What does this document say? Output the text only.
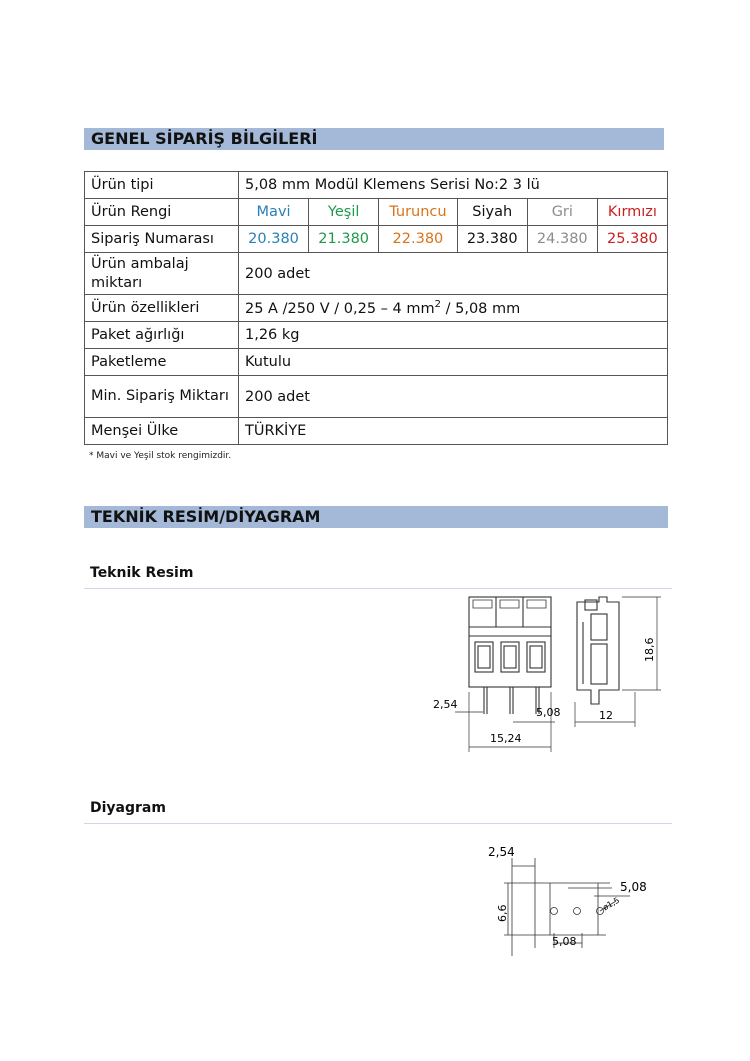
GENEL SİPARİŞ BİLGİLERİ
Ürün tipi	5,08 mm Modül Klemens Serisi No:2 3 lü					
Ürün Rengi	Mavi	Yeşil	Turuncu	Siyah	Gri	Kırmızı
Sipariş Numarası	20.380	21.380	22.380	23.380	24.380	25.380
Ürün ambalaj miktarı	200 adet					
Ürün özellikleri	25 A /250 V / 0,25 – 4 $mm^2 / 5,08$ mm					
Paket ağırlığı	1,26 kg					
Paketleme	Kutulu					
Min. Sipariş Miktarı	200 adet					
Menşei Ülke	TÜRKİYE					
* Mavi ve Yeşil stok rengimizdir.
TEKNİK RESİM/DİYAGRAM
Teknik Resim
2,54
5,08
15,24
12
18,6
Diyagram
2,54
5,08
ø1,5
6,6
5,08
